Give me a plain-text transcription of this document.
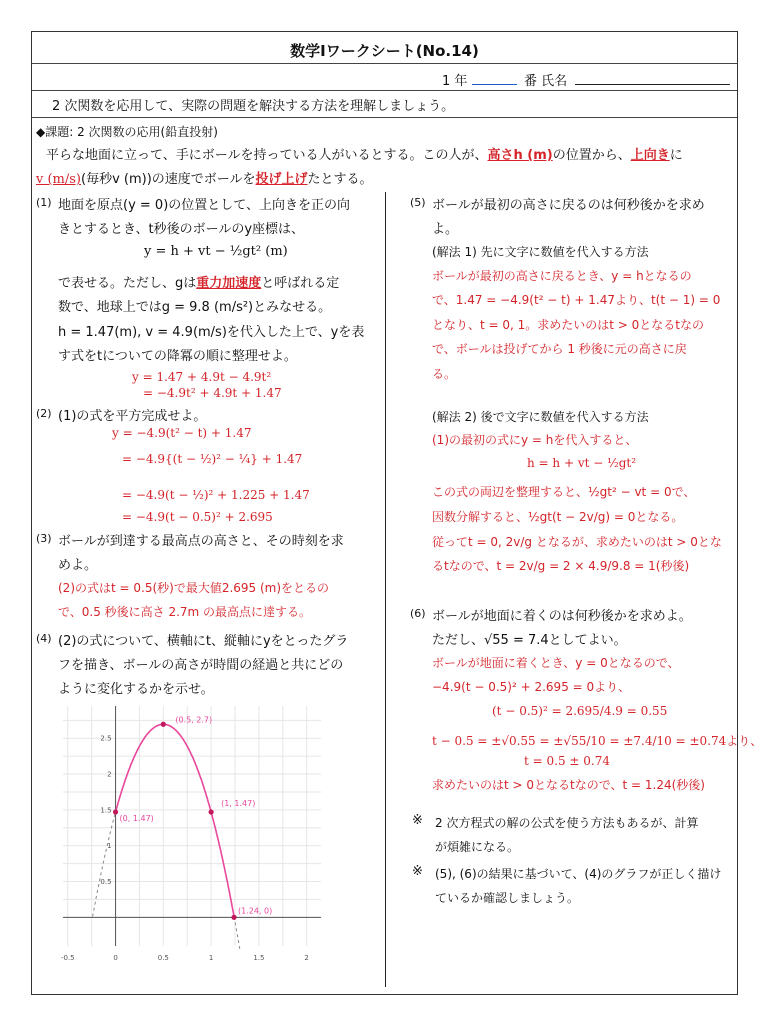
数学Ⅰワークシート(No.14)
1 年	番 氏名
2 次関数を応用して、実際の問題を解決する方法を理解しましょう。
◆課題: 2 次関数の応用(鉛直投射)
平らな地面に立って、手にボールを持っている人がいるとする。この人が、高さh (m)の位置から、上向きに
v (m/s)(毎秒v (m))の速度でボールを投げ上げたとする。
(1) 地面を原点(y = 0)の位置として、上向きを正の向
きとするとき、t秒後のボールのy座標は、
y = h + vt − ½gt² (m)
で表せる。ただし、gは重力加速度と呼ばれる定
数で、地球上ではg = 9.8 (m/s²)とみなせる。
h = 1.47(m), v = 4.9(m/s)を代入した上で、yを表
す式をtについての降冪の順に整理せよ。
y = 1.47 + 4.9t − 4.9t²
= −4.9t² + 4.9t + 1.47
(2) (1)の式を平方完成せよ。
y = −4.9(t² − t) + 1.47
= −4.9{(t − ½)² − ¼} + 1.47
= −4.9(t − ½)² + 1.225 + 1.47
= −4.9(t − 0.5)² + 2.695
(3) ボールが到達する最高点の高さと、その時刻を求
めよ。
(2)の式はt = 0.5(秒)で最大値2.695 (m)をとるの
で、0.5 秒後に高さ 2.7m の最高点に達する。
(4) (2)の式について、横軸にt、縦軸にyをとったグラ
フを描き、ボールの高さが時間の経過と共にどの
ように変化するかを示せ。
-0.5	0	0.5	1	1.5	2
0.5
1
1.5
2
2.5
(0, 1.47)
(0.5, 2.7)
(1, 1.47)
(1.24, 0)
(5) ボールが最初の高さに戻るのは何秒後かを求め
よ。
(解法 1) 先に文字に数値を代入する方法
ボールが最初の高さに戻るとき、y = hとなるの
で、1.47 = −4.9(t² − t) + 1.47より、t(t − 1) = 0
となり、t = 0, 1。求めたいのはt > 0となるtなの
で、ボールは投げてから 1 秒後に元の高さに戻
る。
(解法 2) 後で文字に数値を代入する方法
(1)の最初の式にy = hを代入すると、
h = h + vt − ½gt²
この式の両辺を整理すると、½gt² − vt = 0で、
因数分解すると、½gt(t − 2v/g) = 0となる。
従ってt = 0, 2v/g となるが、求めたいのはt > 0とな
るtなので、t = 2v/g = 2 × 4.9/9.8 = 1(秒後)
(6) ボールが地面に着くのは何秒後かを求めよ。
ただし、√55 = 7.4としてよい。
ボールが地面に着くとき、y = 0となるので、
−4.9(t − 0.5)² + 2.695 = 0より、
(t − 0.5)² = 2.695/4.9 = 0.55
t − 0.5 = ±√0.55 = ±√55/10 = ±7.4/10 = ±0.74より、
t = 0.5 ± 0.74
求めたいのはt > 0となるtなので、t = 1.24(秒後)
※ 2 次方程式の解の公式を使う方法もあるが、計算
が煩雑になる。
※ (5), (6)の結果に基づいて、(4)のグラフが正しく描け
ているか確認しましょう。
